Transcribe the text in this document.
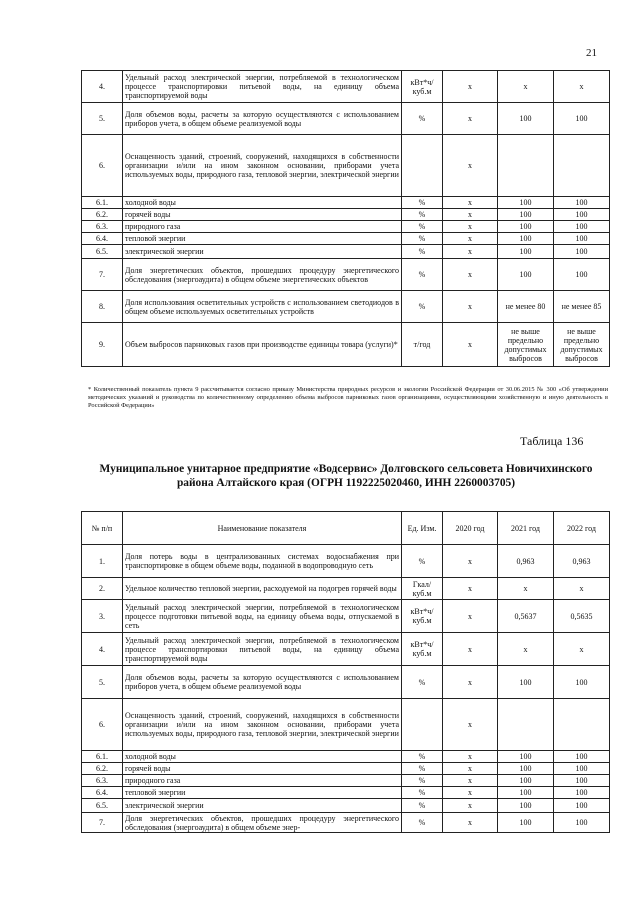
21
4.	Удельный расход электрической энергии, потребляемой в технологическом процессе транспортировки питьевой воды, на единицу объема транспортируемой воды	кВт*ч/ куб.м	х	х	х
5.	Доля объемов воды, расчеты за которую осуществляются с использованием приборов учета, в общем объеме реализуемой воды	%	х	100	100
6.	Оснащенность зданий, строений, сооружений, находящихся в собственности организации и/или на ином законном основании, приборами учета используемых воды, природного газа, тепловой энергии, электрической энергии		х		
6.1.	холодной воды	%	х	100	100
6.2.	горячей воды	%	х	100	100
6.3.	природного газа	%	х	100	100
6.4.	тепловой энергии	%	х	100	100
6.5.	электрической энергии	%	х	100	100
7.	Доля энергетических объектов, прошедших процедуру энергетического обследования (энергоаудита) в общем объеме энергетических объектов	%	х	100	100
8.	Доля использования осветительных устройств с использованием светодиодов в общем объеме используемых осветительных устройств	%	х	не менее 80	не менее 85
9.	Объем выбросов парниковых газов при производстве единицы товара (услуги)*	т/год	х	не выше предельно допустимых выбросов	не выше предельно допустимых выбросов
* Количественный показатель пункта 9 рассчитывается согласно приказу Министерства природных ресурсов и экологии Российской Федерации от 30.06.2015 № 300 «Об утверждении методических указаний и руководства по количественному определению объема выбросов парниковых газов организациями, осуществляющими хозяйственную и иную деятельность в Российской Федерации»
Таблица 136
Муниципальное унитарное предприятие «Водсервис» Долговского сельсовета Новичихинского района Алтайского края (ОГРН 1192225020460, ИНН 2260003705)
№ п/п	Наименование показателя	Ед. Изм.	2020 год	2021 год	2022 год
1.	Доля потерь воды в централизованных системах водоснабжения при транспортировке в общем объеме воды, поданной в водопроводную сеть	%	х	0,963	0,963
2.	Удельное количество тепловой энергии, расходуемой на подогрев горячей воды	Гкал/ куб.м	х	х	х
3.	Удельный расход электрической энергии, потребляемой в технологическом процессе подготовки питьевой воды, на единицу объема воды, отпускаемой в сеть	кВт*ч/ куб.м	х	0,5637	0,5635
4.	Удельный расход электрической энергии, потребляемой в технологическом процессе транспортировки питьевой воды, на единицу объема транспортируемой воды	кВт*ч/ куб.м	х	х	х
5.	Доля объемов воды, расчеты за которую осуществляются с использованием приборов учета, в общем объеме реализуемой воды	%	х	100	100
6.	Оснащенность зданий, строений, сооружений, находящихся в собственности организации и/или на ином законном основании, приборами учета используемых воды, природного газа, тепловой энергии, электрической энергии		х		
6.1.	холодной воды	%	х	100	100
6.2.	горячей воды	%	х	100	100
6.3.	природного газа	%	х	100	100
6.4.	тепловой энергии	%	х	100	100
6.5.	электрической энергии	%	х	100	100
7.	Доля энергетических объектов, прошедших процедуру энергетического обследования (энергоаудита) в общем объеме энер-	%	х	100	100
